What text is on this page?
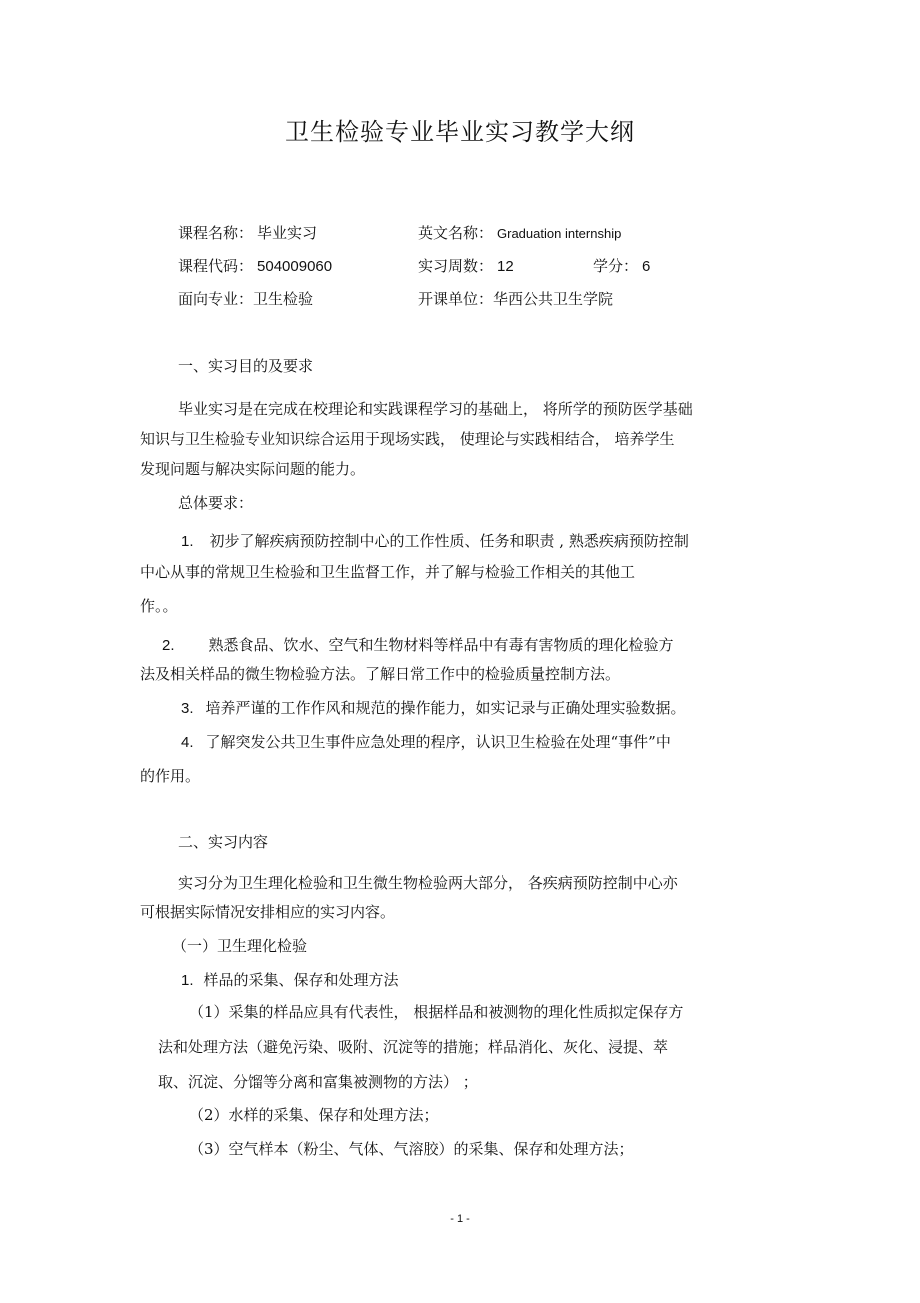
卫生检验专业毕业实习教学大纲
课程名称： 毕业实习	英文名称： Graduation internship
课程代码： 504009060	实习周数： 12	学分： 6
面向专业：卫生检验	开课单位：华西公共卫生学院
一、实习目的及要求
毕业实习是在完成在校理论和实践课程学习的基础上， 将所学的预防医学基础
知识与卫生检验专业知识综合运用于现场实践， 使理论与实践相结合， 培养学生
发现问题与解决实际问题的能力。
总体要求：
1. 初步了解疾病预防控制中心的工作性质、任务和职责 , 熟悉疾病预防控制
中心从事的常规卫生检验和卫生监督工作，并了解与检验工作相关的其他工
作。。
2. 熟悉食品、饮水、空气和生物材料等样品中有毒有害物质的理化检验方
法及相关样品的微生物检验方法。了解日常工作中的检验质量控制方法。
3. 培养严谨的工作作风和规范的操作能力，如实记录与正确处理实验数据。
4. 了解突发公共卫生事件应急处理的程序，认识卫生检验在处理“事件”中
的作用。
二、实习内容
实习分为卫生理化检验和卫生微生物检验两大部分， 各疾病预防控制中心亦
可根据实际情况安排相应的实习内容。
（一）卫生理化检验
1. 样品的采集、保存和处理方法
（1）采集的样品应具有代表性， 根据样品和被测物的理化性质拟定保存方
法和处理方法（避免污染、吸附、沉淀等的措施；样品消化、灰化、浸提、萃
取、沉淀、分馏等分离和富集被测物的方法） ；
（2）水样的采集、保存和处理方法；
（3）空气样本（粉尘、气体、气溶胶）的采集、保存和处理方法；
- 1 -
